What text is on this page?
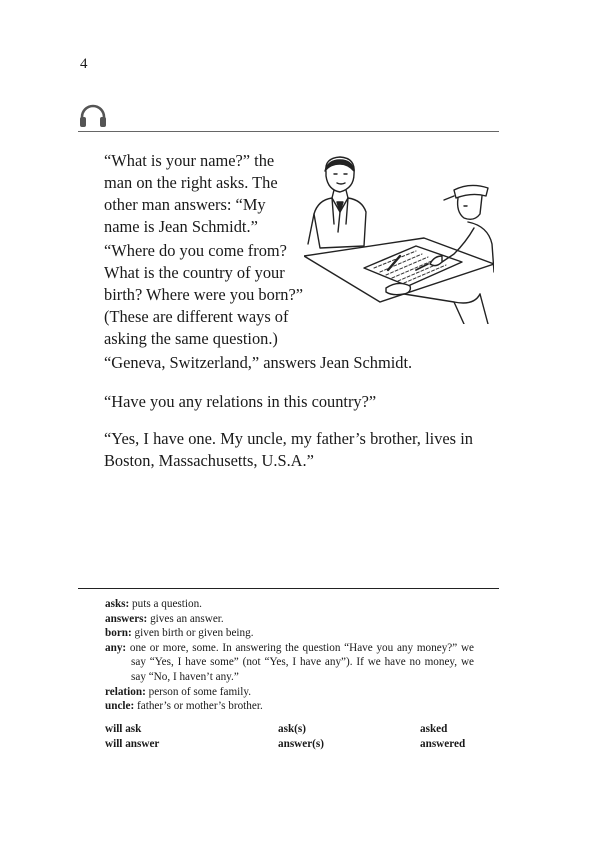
4
“What is your name?” the man on the right asks. The other man answers: “My name is Jean Schmidt.”
“Where do you come from? What is the country of your birth? Where were you born?” (These are different ways of asking the same question.)
“Geneva, Switzerland,” answers Jean Schmidt.
“Have you any relations in this country?”
“Yes, I have one. My uncle, my father’s brother, lives in Boston, Massachusetts, U.S.A.”

asks: puts a question.

answers: gives an answer.

born: given birth or given being.

any: one or more, some. In answering the question “Have you any money?” we say “Yes, I have some” (not “Yes, I have any”). If we have no money, we say “No, I haven’t any.”

relation: person of some family.

uncle: father’s or mother’s brother.

will ask	ask(s)	asked
will answer	answer(s)	answered
